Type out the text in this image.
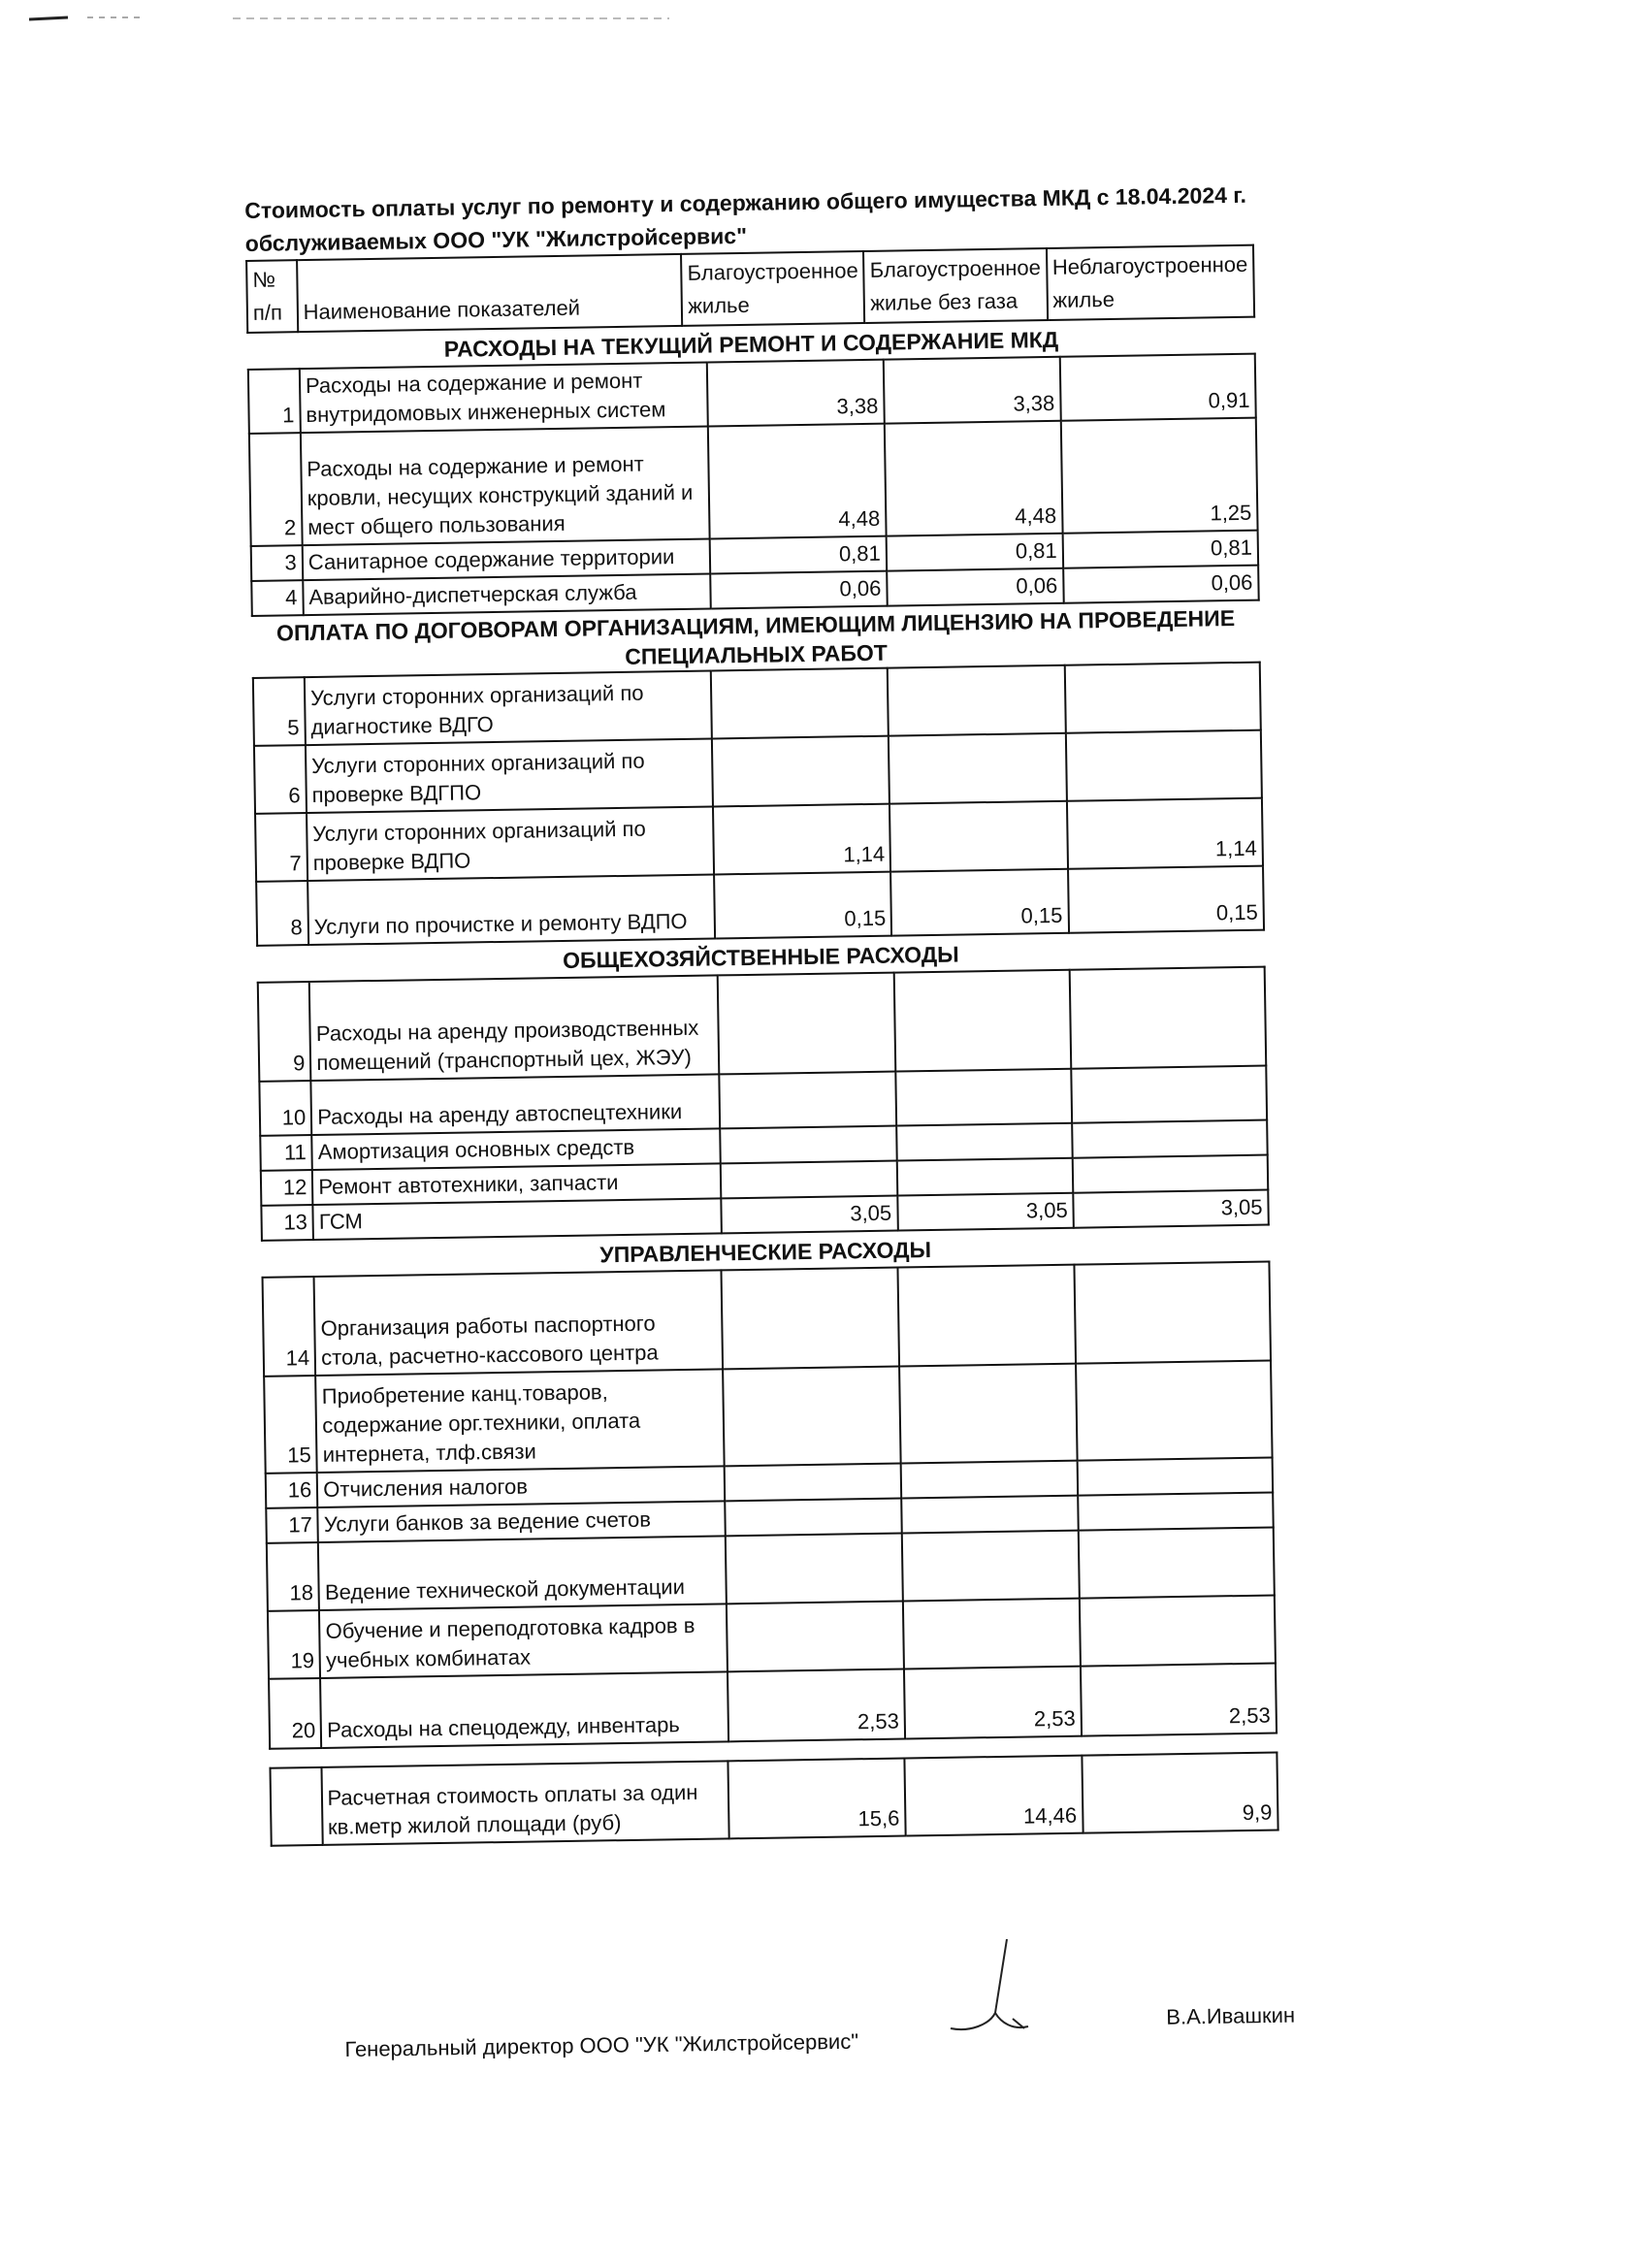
Стоимость оплаты услуг по ремонту и содержанию общего имущества МКД с 18.04.2024 г.
обслуживаемых ООО "УК "Жилстройсервис"
№ п/п	Наименование показателей	Благоустроенное жилье	Благоустроенное жилье без газа	Неблагоустроенное жилье
РАСХОДЫ НА ТЕКУЩИЙ РЕМОНТ И СОДЕРЖАНИЕ МКД
1	Расходы на содержание и ремонт внутридомовых инженерных систем	3,38	3,38	0,91
2	Расходы на содержание и ремонт кровли, несущих конструкций зданий и мест общего пользования	4,48	4,48	1,25
3	Санитарное содержание территории	0,81	0,81	0,81
4	Аварийно-диспетчерская служба	0,06	0,06	0,06
ОПЛАТА ПО ДОГОВОРАМ ОРГАНИЗАЦИЯМ, ИМЕЮЩИМ ЛИЦЕНЗИЮ НА ПРОВЕДЕНИЕ СПЕЦИАЛЬНЫХ РАБОТ
5	Услуги сторонних организаций по диагностике ВДГО			
6	Услуги сторонних организаций по проверке ВДГПО			
7	Услуги сторонних организаций по проверке ВДПО	1,14		1,14
8	Услуги по прочистке и ремонту ВДПО	0,15	0,15	0,15
ОБЩЕХОЗЯЙСТВЕННЫЕ РАСХОДЫ
9	Расходы на аренду производственных помещений (транспортный цех, ЖЭУ)			
10	Расходы на аренду автоспецтехники			
11	Амортизация основных средств			
12	Ремонт автотехники, запчасти			
13	ГСМ	3,05	3,05	3,05
УПРАВЛЕНЧЕСКИЕ РАСХОДЫ
14	Организация работы паспортного стола, расчетно-кассового центра			
15	Приобретение канц.товаров, содержание орг.техники, оплата интернета, тлф.связи			
16	Отчисления налогов			
17	Услуги банков за ведение счетов			
18	Ведение технической документации			
19	Обучение и переподготовка кадров в учебных комбинатах			
20	Расходы на спецодежду, инвентарь	2,53	2,53	2,53
	Расчетная стоимость оплаты за один кв.метр жилой площади (руб)	15,6	14,46	9,9
Генеральный директор ООО "УК "Жилстройсервис"
В.А.Ивашкин
